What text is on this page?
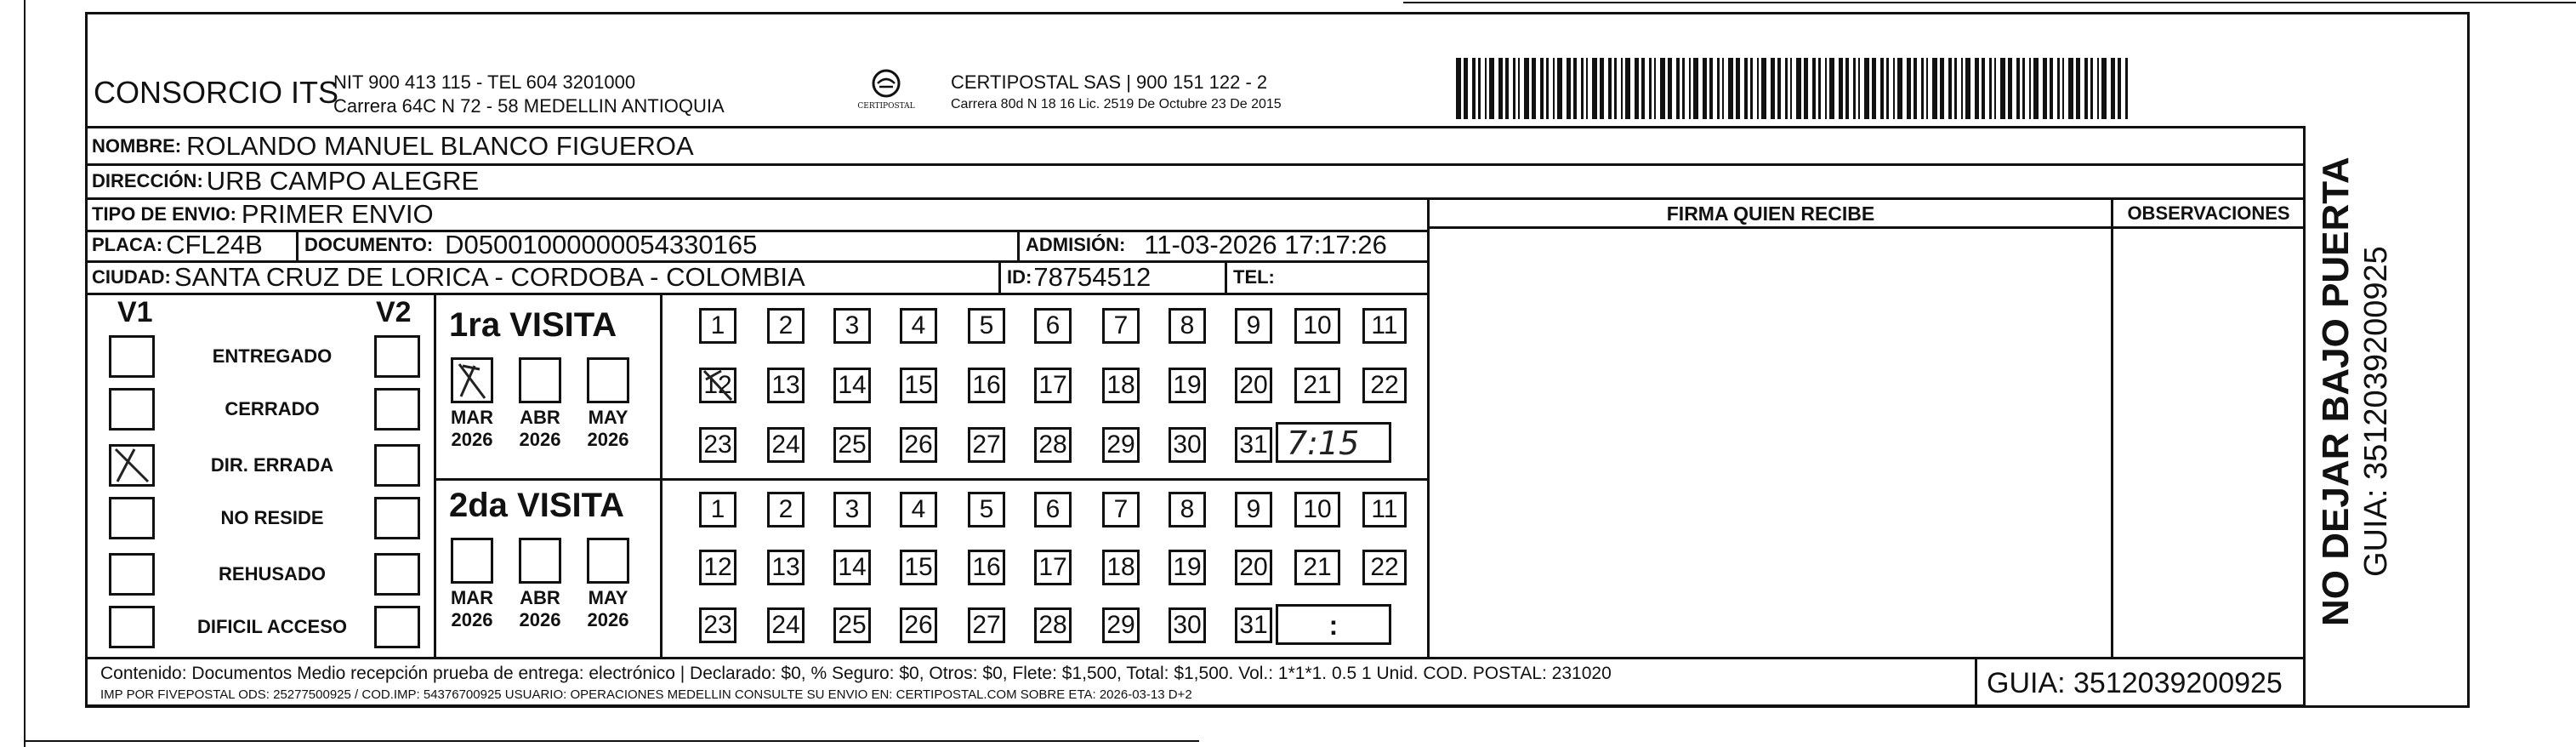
CONSORCIO ITS
NIT 900 413 115 - TEL 604 3201000
Carrera 64C N 72 - 58 MEDELLIN ANTIOQUIA	CERTIPOSTAL
CERTIPOSTAL SAS | 900 151 122 - 2
Carrera 80d N 18 16 Lic. 2519 De Octubre 23 De 2015
NOMBRE: ROLANDO MANUEL BLANCO FIGUEROA
DIRECCIÓN: URB CAMPO ALEGRE
TIPO DE ENVIO: PRIMER ENVIO
PLACA: CFL24B DOCUMENTO: D05001000000054330165	ADMISIÓN: 11-03-2026 17:17:26
CIUDAD: SANTA CRUZ DE LORICA - CORDOBA - COLOMBIA	ID: 78754512	TEL:
FIRMA QUIEN RECIBE	OBSERVACIONES
V1	V2
ENTREGADO
CERRADO
DIR. ERRADA
NO RESIDE
REHUSADO
DIFICIL ACCESO
1ra VISITA
2da VISITA
MAR
2026
ABR
2026
MAY
2026
MAR
2026
ABR
2026
MAY
2026
1	2	3	4	5	6	7	8	9	10	11
12 13 14 15 16 17 18 19 20	21	22
23 24 25 26 27 28 29 30 31
1	2	3	4	5	6	7	8	9	10	11
12 13 14 15 16 17 18 19 20	21	22
23 24 25 26 27 28 29 30 31
7:15
:
Contenido: Documentos Medio recepción prueba de entrega: electrónico | Declarado: $0, % Seguro: $0, Otros: $0, Flete: $1,500, Total: $1,500. Vol.: 1*1*1. 0.5 1 Unid. COD. POSTAL: 231020
IMP POR FIVEPOSTAL ODS: 25277500925 / COD.IMP: 54376700925 USUARIO: OPERACIONES MEDELLIN CONSULTE SU ENVIO EN: CERTIPOSTAL.COM SOBRE ETA: 2026-03-13 D+2	GUIA: 3512039200925
NO DEJAR BAJO PUERTA GUIA: 3512039200925
